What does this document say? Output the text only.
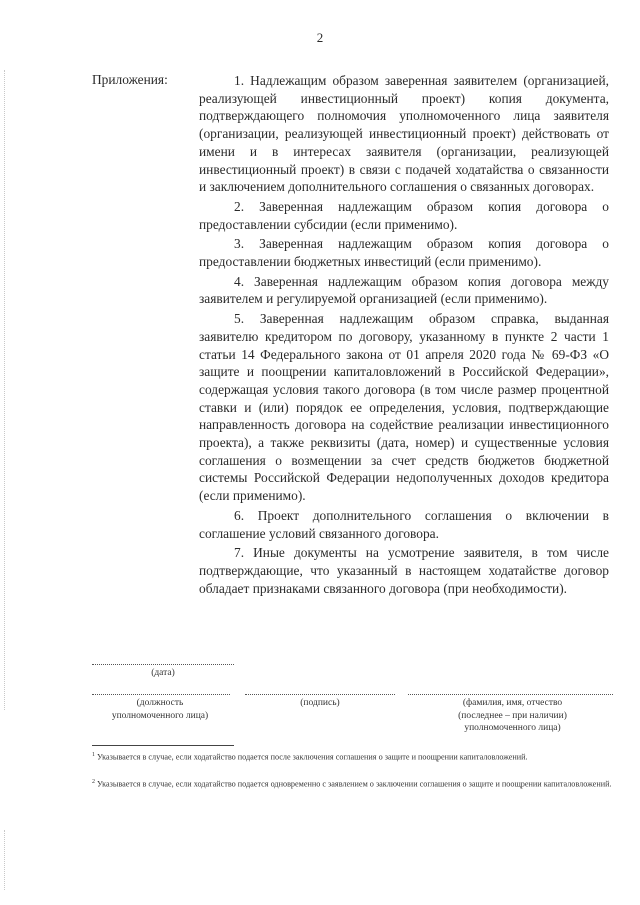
2
Приложения:	1. Надлежащим образом заверенная заявителем (организацией, реализующей инвестиционный проект) копия документа, подтверждающего полномочия уполномоченного лица заявителя (организации, реализующей инвестиционный проект) действовать от имени и в интересах заявителя (организации, реализующей инвестиционный проект) в связи с подачей ходатайства о связанности и заключением дополнительного соглашения о связанных договорах.

2. Заверенная надлежащим образом копия договора о предоставлении субсидии (если применимо).

3. Заверенная надлежащим образом копия договора о предоставлении бюджетных инвестиций (если применимо).

4. Заверенная надлежащим образом копия договора между заявителем и регулируемой организацией (если применимо).

5. Заверенная надлежащим образом справка, выданная заявителю кредитором по договору, указанному в пункте 2 части 1 статьи 14 Федерального закона от 01 апреля 2020 года № 69-ФЗ «О защите и поощрении капиталовложений в Российской Федерации», содержащая условия такого договора (в том числе размер процентной ставки и (или) порядок ее определения, условия, подтверждающие направленность договора на содействие реализации инвестиционного проекта), а также реквизиты (дата, номер) и существенные условия соглашения о возмещении за счет средств бюджетов бюджетной системы Российской Федерации недополученных доходов кредитора (если применимо).

6. Проект дополнительного соглашения о включении в соглашение условий связанного договора.

7. Иные документы на усмотрение заявителя, в том числе подтверждающие, что указанный в настоящем ходатайстве договор обладает признаками связанного договора (при необходимости).

(дата)
(должность
уполномоченного лица)
(подпись)	(фамилия, имя, отчество
(последнее – при наличии)
уполномоченного лица)
$^1$ Указывается в случае, если ходатайство подается после заключения соглашения о защите и поощрении капиталовложений.
$^2$ Указывается в случае, если ходатайство подается одновременно с заявлением о заключении соглашения о защите и поощрении капиталовложений.
